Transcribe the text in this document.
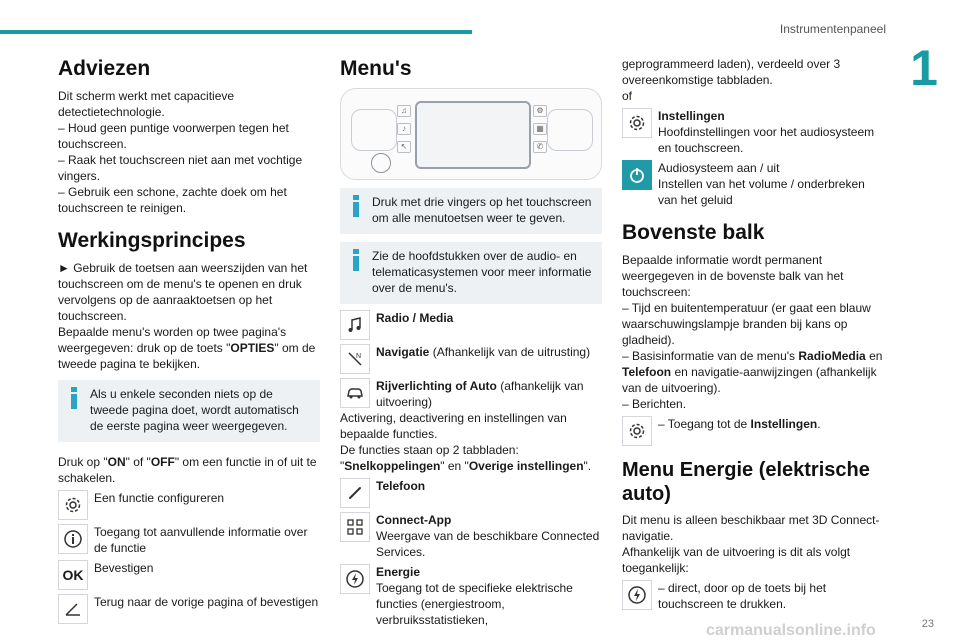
Instrumentenpaneel
1
Adviezen

Dit scherm werkt met capacitieve detectietechnologie.

– Houd geen puntige voorwerpen tegen het touchscreen.

– Raak het touchscreen niet aan met vochtige vingers.

– Gebruik een schone, zachte doek om het touchscreen te reinigen.

Werkingsprincipes

► Gebruik de toetsen aan weerszijden van het touchscreen om de menu's te openen en druk vervolgens op de aanraaktoetsen op het touchscreen.

Bepaalde menu's worden op twee pagina's weergegeven: druk op de toets "OPTIES" om de tweede pagina te bekijken.

Als u enkele seconden niets op de tweede pagina doet, wordt automatisch de eerste pagina weer weergegeven.

Druk op "ON" of "OFF" om een functie in of uit te schakelen.

Een functie configureren
Toegang tot aanvullende informatie over de functie
OK Bevestigen
Terug naar de vorige pagina of bevestigen
Menu's
♫
♪
↖
⚙
▦
✆

Druk met drie vingers op het touchscreen om alle menutoetsen weer te geven.

Zie de hoofdstukken over de audio- en telematicasystemen voor meer informatie over de menu's.

Radio / Media
N Navigatie (Afhankelijk van de uitrusting)
Rijverlichting of Auto (afhankelijk van uitvoering)

Activering, deactivering en instellingen van bepaalde functies.

De functies staan op 2 tabbladen: "Snelkoppelingen" en "Overige instellingen".

Telefoon
Connect-App
Weergave van de beschikbare Connected Services.
Energie
Toegang tot de specifieke elektrische functies (energiestroom, verbruiksstatistieken,

geprogrammeerd laden), verdeeld over 3 overeenkomstige tabbladen.

of

Instellingen
Hoofdinstellingen voor het audiosysteem en touchscreen.
Audiosysteem aan / uit
Instellen van het volume / onderbreken van het geluid
Bovenste balk

Bepaalde informatie wordt permanent weergegeven in de bovenste balk van het touchscreen:

– Tijd en buitentemperatuur (er gaat een blauw waarschuwingslampje branden bij kans op gladheid).

– Basisinformatie van de menu's RadioMedia en Telefoon en navigatie-aanwijzingen (afhankelijk van de uitvoering).

– Berichten.

– Toegang tot de Instellingen.
Menu Energie (elektrische auto)

Dit menu is alleen beschikbaar met 3D Connect-navigatie.

Afhankelijk van de uitvoering is dit als volgt toegankelijk:

– direct, door op de toets bij het touchscreen te drukken.
carmanualsonline.info	23
